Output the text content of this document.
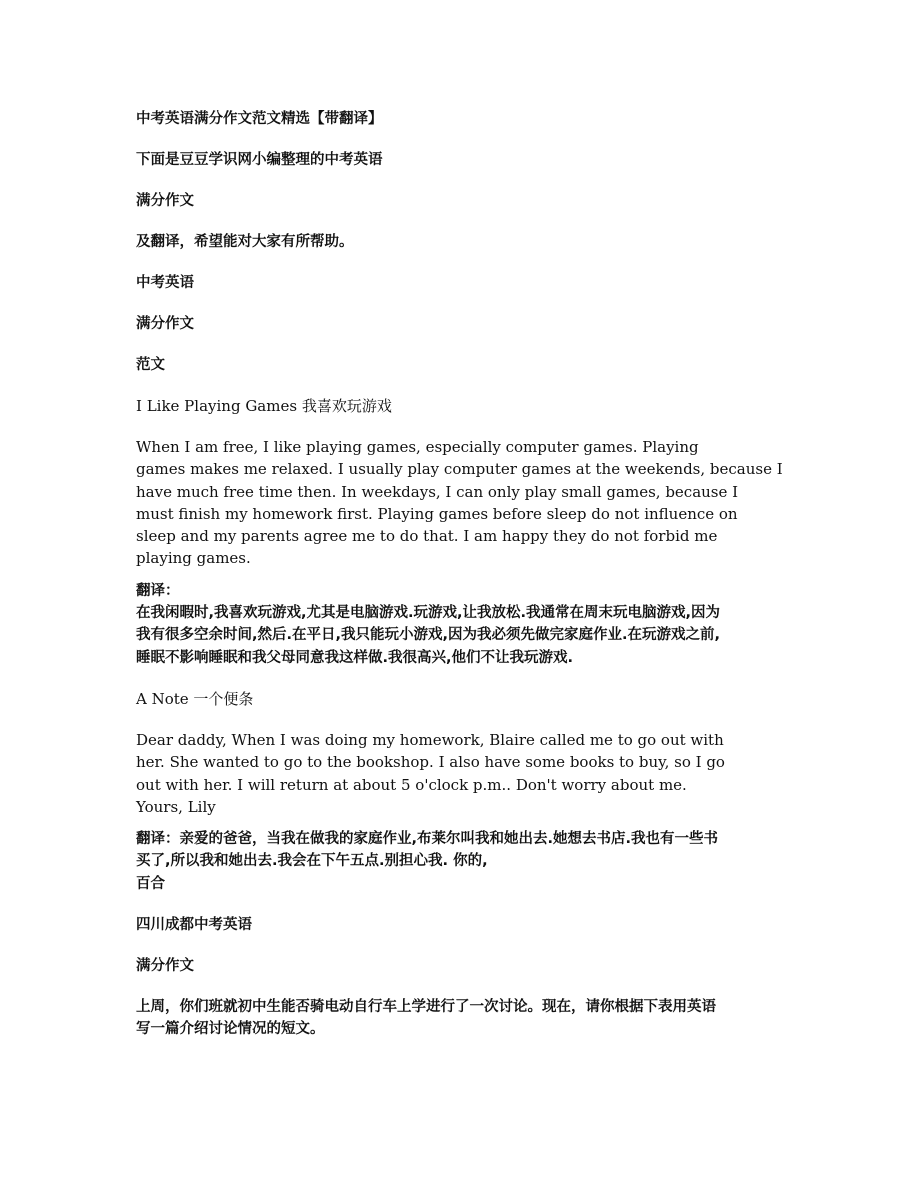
中考英语满分作文范文精选【带翻译】

下面是豆豆学识网小编整理的中考英语

满分作文

及翻译，希望能对大家有所帮助。

中考英语

满分作文

范文

I Like Playing Games 我喜欢玩游戏

When I am free, I like playing games, especially computer games. Playing

games makes me relaxed. I usually play computer games at the weekends, because I

have much free time then. In weekdays, I can only play small games, because I

must finish my homework first. Playing games before sleep do not influence on

sleep and my parents agree me to do that. I am happy they do not forbid me

playing games.

翻译：

在我闲暇时,我喜欢玩游戏,尤其是电脑游戏.玩游戏,让我放松.我通常在周末玩电脑游戏,因为

我有很多空余时间,然后.在平日,我只能玩小游戏,因为我必须先做完家庭作业.在玩游戏之前,

睡眠不影响睡眠和我父母同意我这样做.我很高兴,他们不让我玩游戏.

A Note 一个便条

Dear daddy, When I was doing my homework, Blaire called me to go out with

her. She wanted to go to the bookshop. I also have some books to buy, so I go

out with her. I will return at about 5 o'clock p.m.. Don't worry about me.

Yours, Lily

翻译：亲爱的爸爸，当我在做我的家庭作业,布莱尔叫我和她出去.她想去书店.我也有一些书

买了,所以我和她出去.我会在下午五点.别担心我. 你的,

百合

四川成都中考英语

满分作文

上周，你们班就初中生能否骑电动自行车上学进行了一次讨论。现在，请你根据下表用英语

写一篇介绍讨论情况的短文。
